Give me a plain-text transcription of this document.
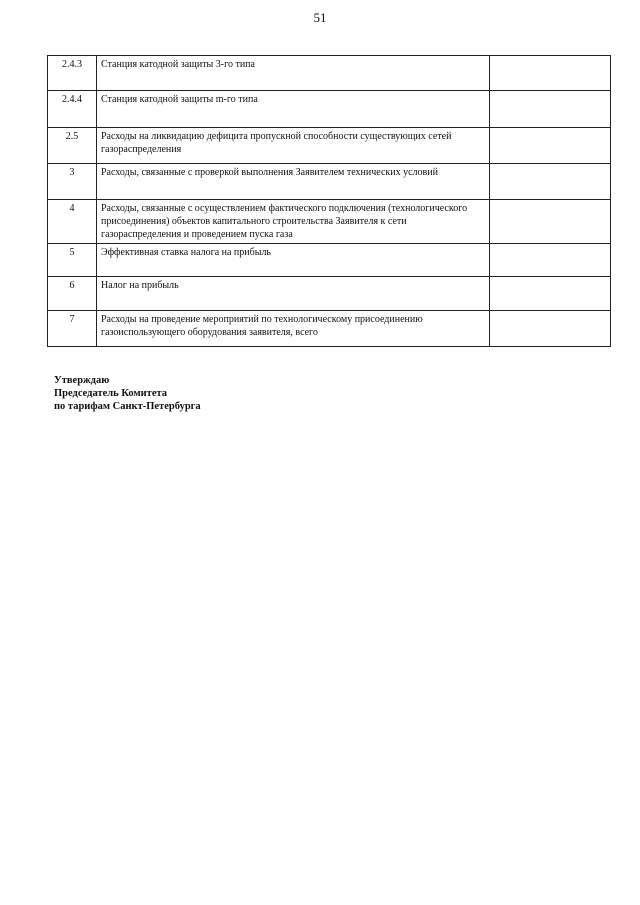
51
2.4.3	Станция катодной защиты 3-го типа	
2.4.4	Станция катодной защиты m-го типа	
2.5	Расходы на ликвидацию дефицита пропускной способности существующих сетей газораспределения	
3	Расходы, связанные с проверкой выполнения Заявителем технических условий	
4	Расходы, связанные с осуществлением фактического подключения (технологического присоединения) объектов капитального строительства Заявителя к сети газораспределения и проведением пуска газа	
5	Эффективная ставка налога на прибыль	
6	Налог на прибыль	
7	Расходы на проведение мероприятий по технологическому присоединению газоиспользующего оборудования заявителя, всего	
Утверждаю
Председатель Комитета
по тарифам Санкт-Петербурга
